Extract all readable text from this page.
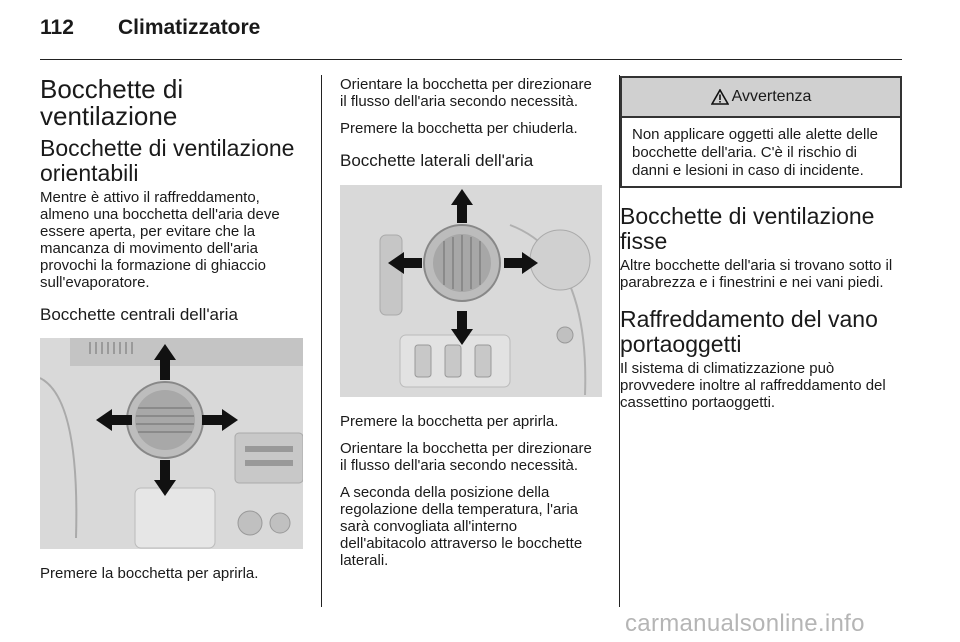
112 Climatizzatore
Bocchette di ventilazione
Bocchette di ventilazione orientabili

Mentre è attivo il raffreddamento, almeno una bocchetta dell'aria deve essere aperta, per evitare che la mancanza di movimento dell'aria provochi la formazione di ghiaccio sull'evaporatore.

Bocchette centrali dell'aria

Premere la bocchetta per aprirla.

Orientare la bocchetta per direzionare il flusso dell'aria secondo necessità.

Premere la bocchetta per chiuderla.

Bocchette laterali dell'aria

Premere la bocchetta per aprirla.

Orientare la bocchetta per direzionare il flusso dell'aria secondo necessità.

A seconda della posizione della regolazione della temperatura, l'aria sarà convogliata all'interno dell'abitacolo attraverso le bocchette laterali.

Avvertenza
Non applicare oggetti alle alette delle bocchette dell'aria. C'è il rischio di danni e lesioni in caso di incidente.
Bocchette di ventilazione fisse

Altre bocchette dell'aria si trovano sotto il parabrezza e i finestrini e nei vani piedi.

Raffreddamento del vano portaoggetti

Il sistema di climatizzazione può provvedere inoltre al raffreddamento del cassettino portaoggetti.

carmanualsonline.info
